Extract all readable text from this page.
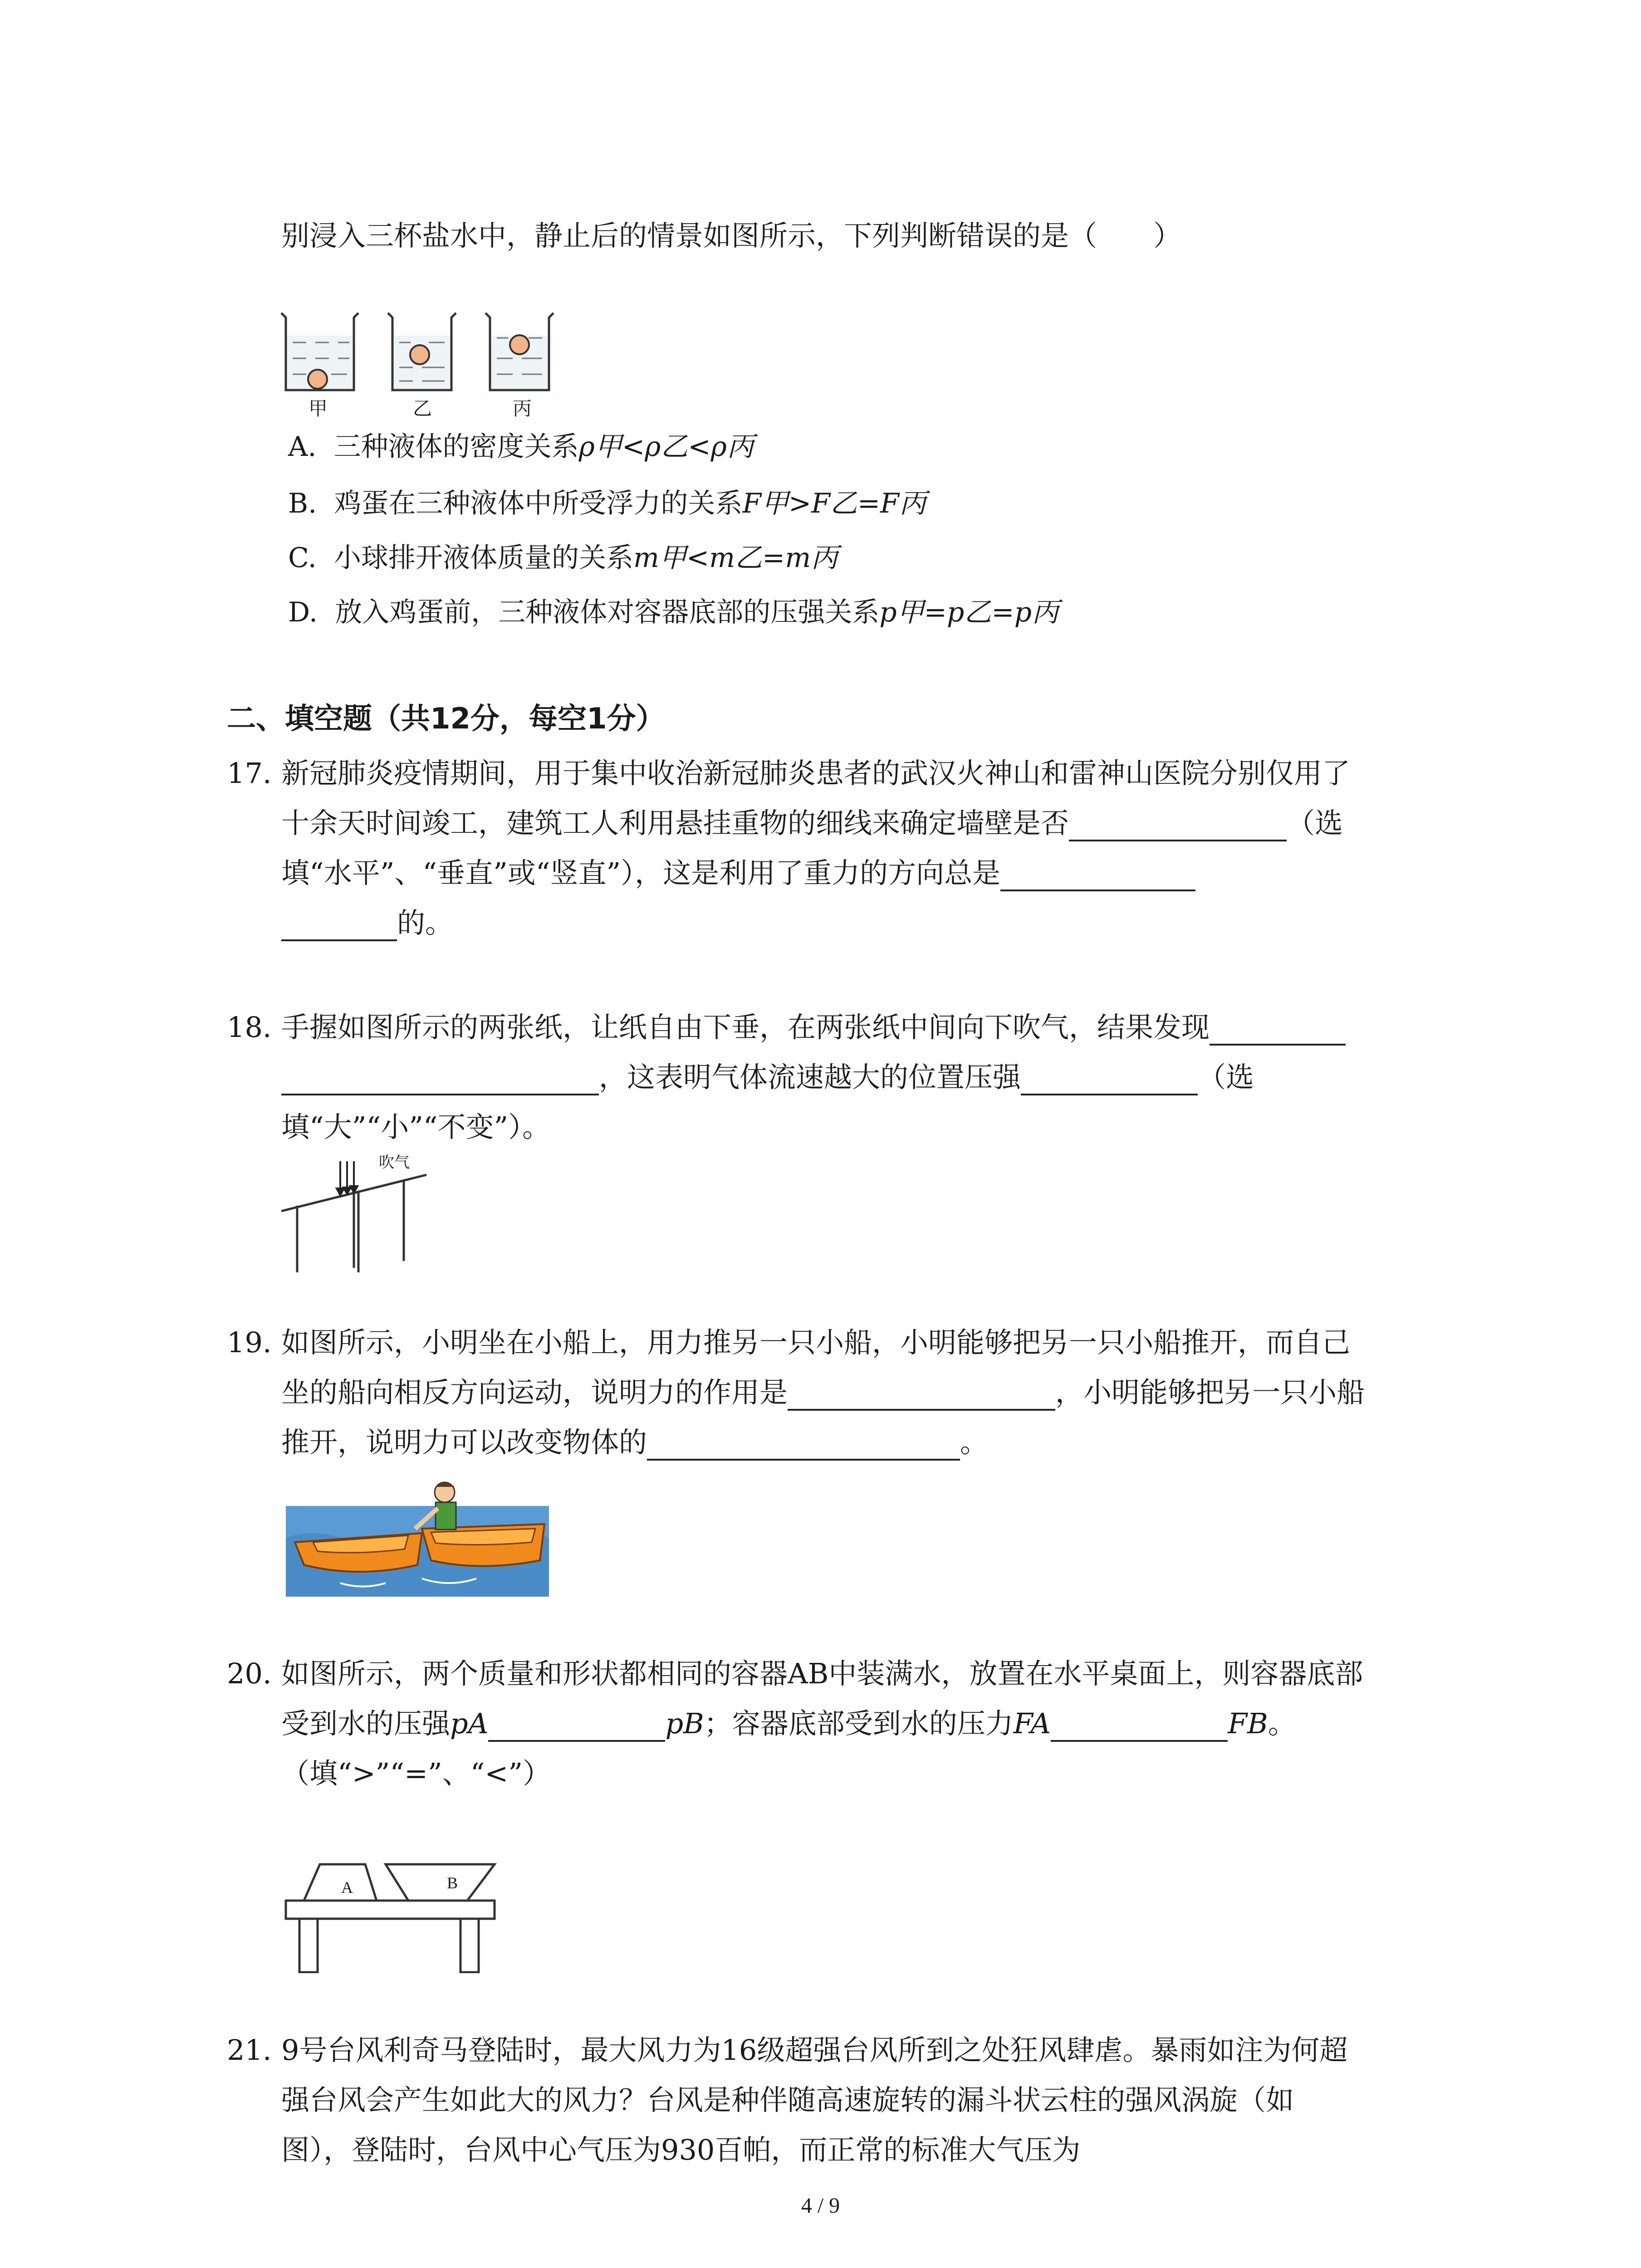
别浸入三杯盐水中，静止后的情景如图所示，下列判断错误的是（　　）
甲	乙	丙
A. 三种液体的密度关系ρ甲<ρ乙<ρ丙
B. 鸡蛋在三种液体中所受浮力的关系F甲>F乙=F丙
C. 小球排开液体质量的关系m甲<m乙=m丙
D. 放入鸡蛋前，三种液体对容器底部的压强关系p甲=p乙=p丙
二、填空题（共12分，每空1分）
17. 新冠肺炎疫情期间，用于集中收治新冠肺炎患者的武汉火神山和雷神山医院分别仅用了
十余天时间竣工，建筑工人利用悬挂重物的细线来确定墙壁是否	（选
填“水平”、“垂直”或“竖直”），这是利用了重力的方向总是
的。
18. 手握如图所示的两张纸，让纸自由下垂，在两张纸中间向下吹气，结果发现
，这表明气体流速越大的位置压强	（选
填“大”“小”“不变”）。
吹气
19. 如图所示，小明坐在小船上，用力推另一只小船，小明能够把另一只小船推开，而自己
坐的船向相反方向运动，说明力的作用是	，小明能够把另一只小船
推开，说明力可以改变物体的	。
20. 如图所示，两个质量和形状都相同的容器AB中装满水，放置在水平桌面上，则容器底部
受到水的压强pA	pB；容器底部受到水的压力FA	FB。
（填“>”“=”、“<”）
A	B
21. 9号台风利奇马登陆时，最大风力为16级超强台风所到之处狂风肆虐。暴雨如注为何超
强台风会产生如此大的风力？台风是种伴随高速旋转的漏斗状云柱的强风涡旋（如
图），登陆时，台风中心气压为930百帕，而正常的标准大气压为
4 / 9
